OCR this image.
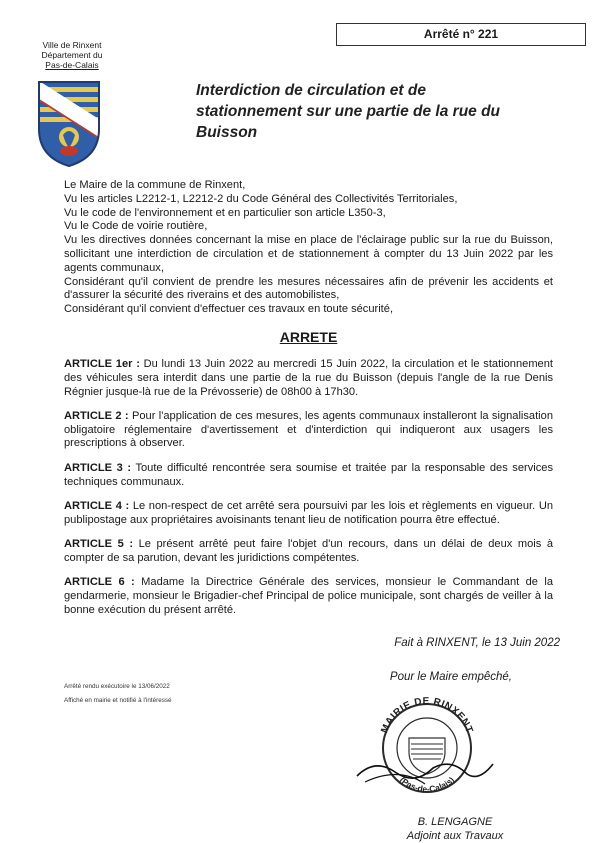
Ville de Rinxent
Département du
Pas-de-Calais
Arrêté n° 221
Interdiction de circulation et de stationnement sur une partie de la rue du Buisson

Le Maire de la commune de Rinxent,

Vu les articles L2212-1, L2212-2 du Code Général des Collectivités Territoriales,

Vu le code de l'environnement et en particulier son article L350-3,

Vu le Code de voirie routière,

Vu les directives données concernant la mise en place de l'éclairage public sur la rue du Buisson, sollicitant une interdiction de circulation et de stationnement à compter du 13 Juin 2022 par les agents communaux,

Considérant qu'il convient de prendre les mesures nécessaires afin de prévenir les accidents et d'assurer la sécurité des riverains et des automobilistes,

Considérant qu'il convient d'effectuer ces travaux en toute sécurité,

ARRETE

ARTICLE 1er : Du lundi 13 Juin 2022 au mercredi 15 Juin 2022, la circulation et le stationnement des véhicules sera interdit dans une partie de la rue du Buisson (depuis l'angle de la rue Denis Régnier jusque-là rue de la Prévosserie) de 08h00 à 17h30.

ARTICLE 2 : Pour l'application de ces mesures, les agents communaux installeront la signalisation obligatoire réglementaire d'avertissement et d'interdiction qui indiqueront aux usagers les prescriptions à observer.

ARTICLE 3 : Toute difficulté rencontrée sera soumise et traitée par la responsable des services techniques communaux.

ARTICLE 4 : Le non-respect de cet arrêté sera poursuivi par les lois et règlements en vigueur. Un publipostage aux propriétaires avoisinants tenant lieu de notification pourra être effectué.

ARTICLE 5 : Le présent arrêté peut faire l'objet d'un recours, dans un délai de deux mois à compter de sa parution, devant les juridictions compétentes.

ARTICLE 6 : Madame la Directrice Générale des services, monsieur le Commandant de la gendarmerie, monsieur le Brigadier-chef Principal de police municipale, sont chargés de veiller à la bonne exécution du présent arrêté.

Fait à RINXENT, le 13 Juin 2022
Pour le Maire empêché,
Arrêté rendu exécutoire le 13/06/2022
Affiché en mairie et notifié à l'intéressé
MAIRIE DE RINXENT
(Pas-de-Calais)
B. LENGAGNE
Adjoint aux Travaux
